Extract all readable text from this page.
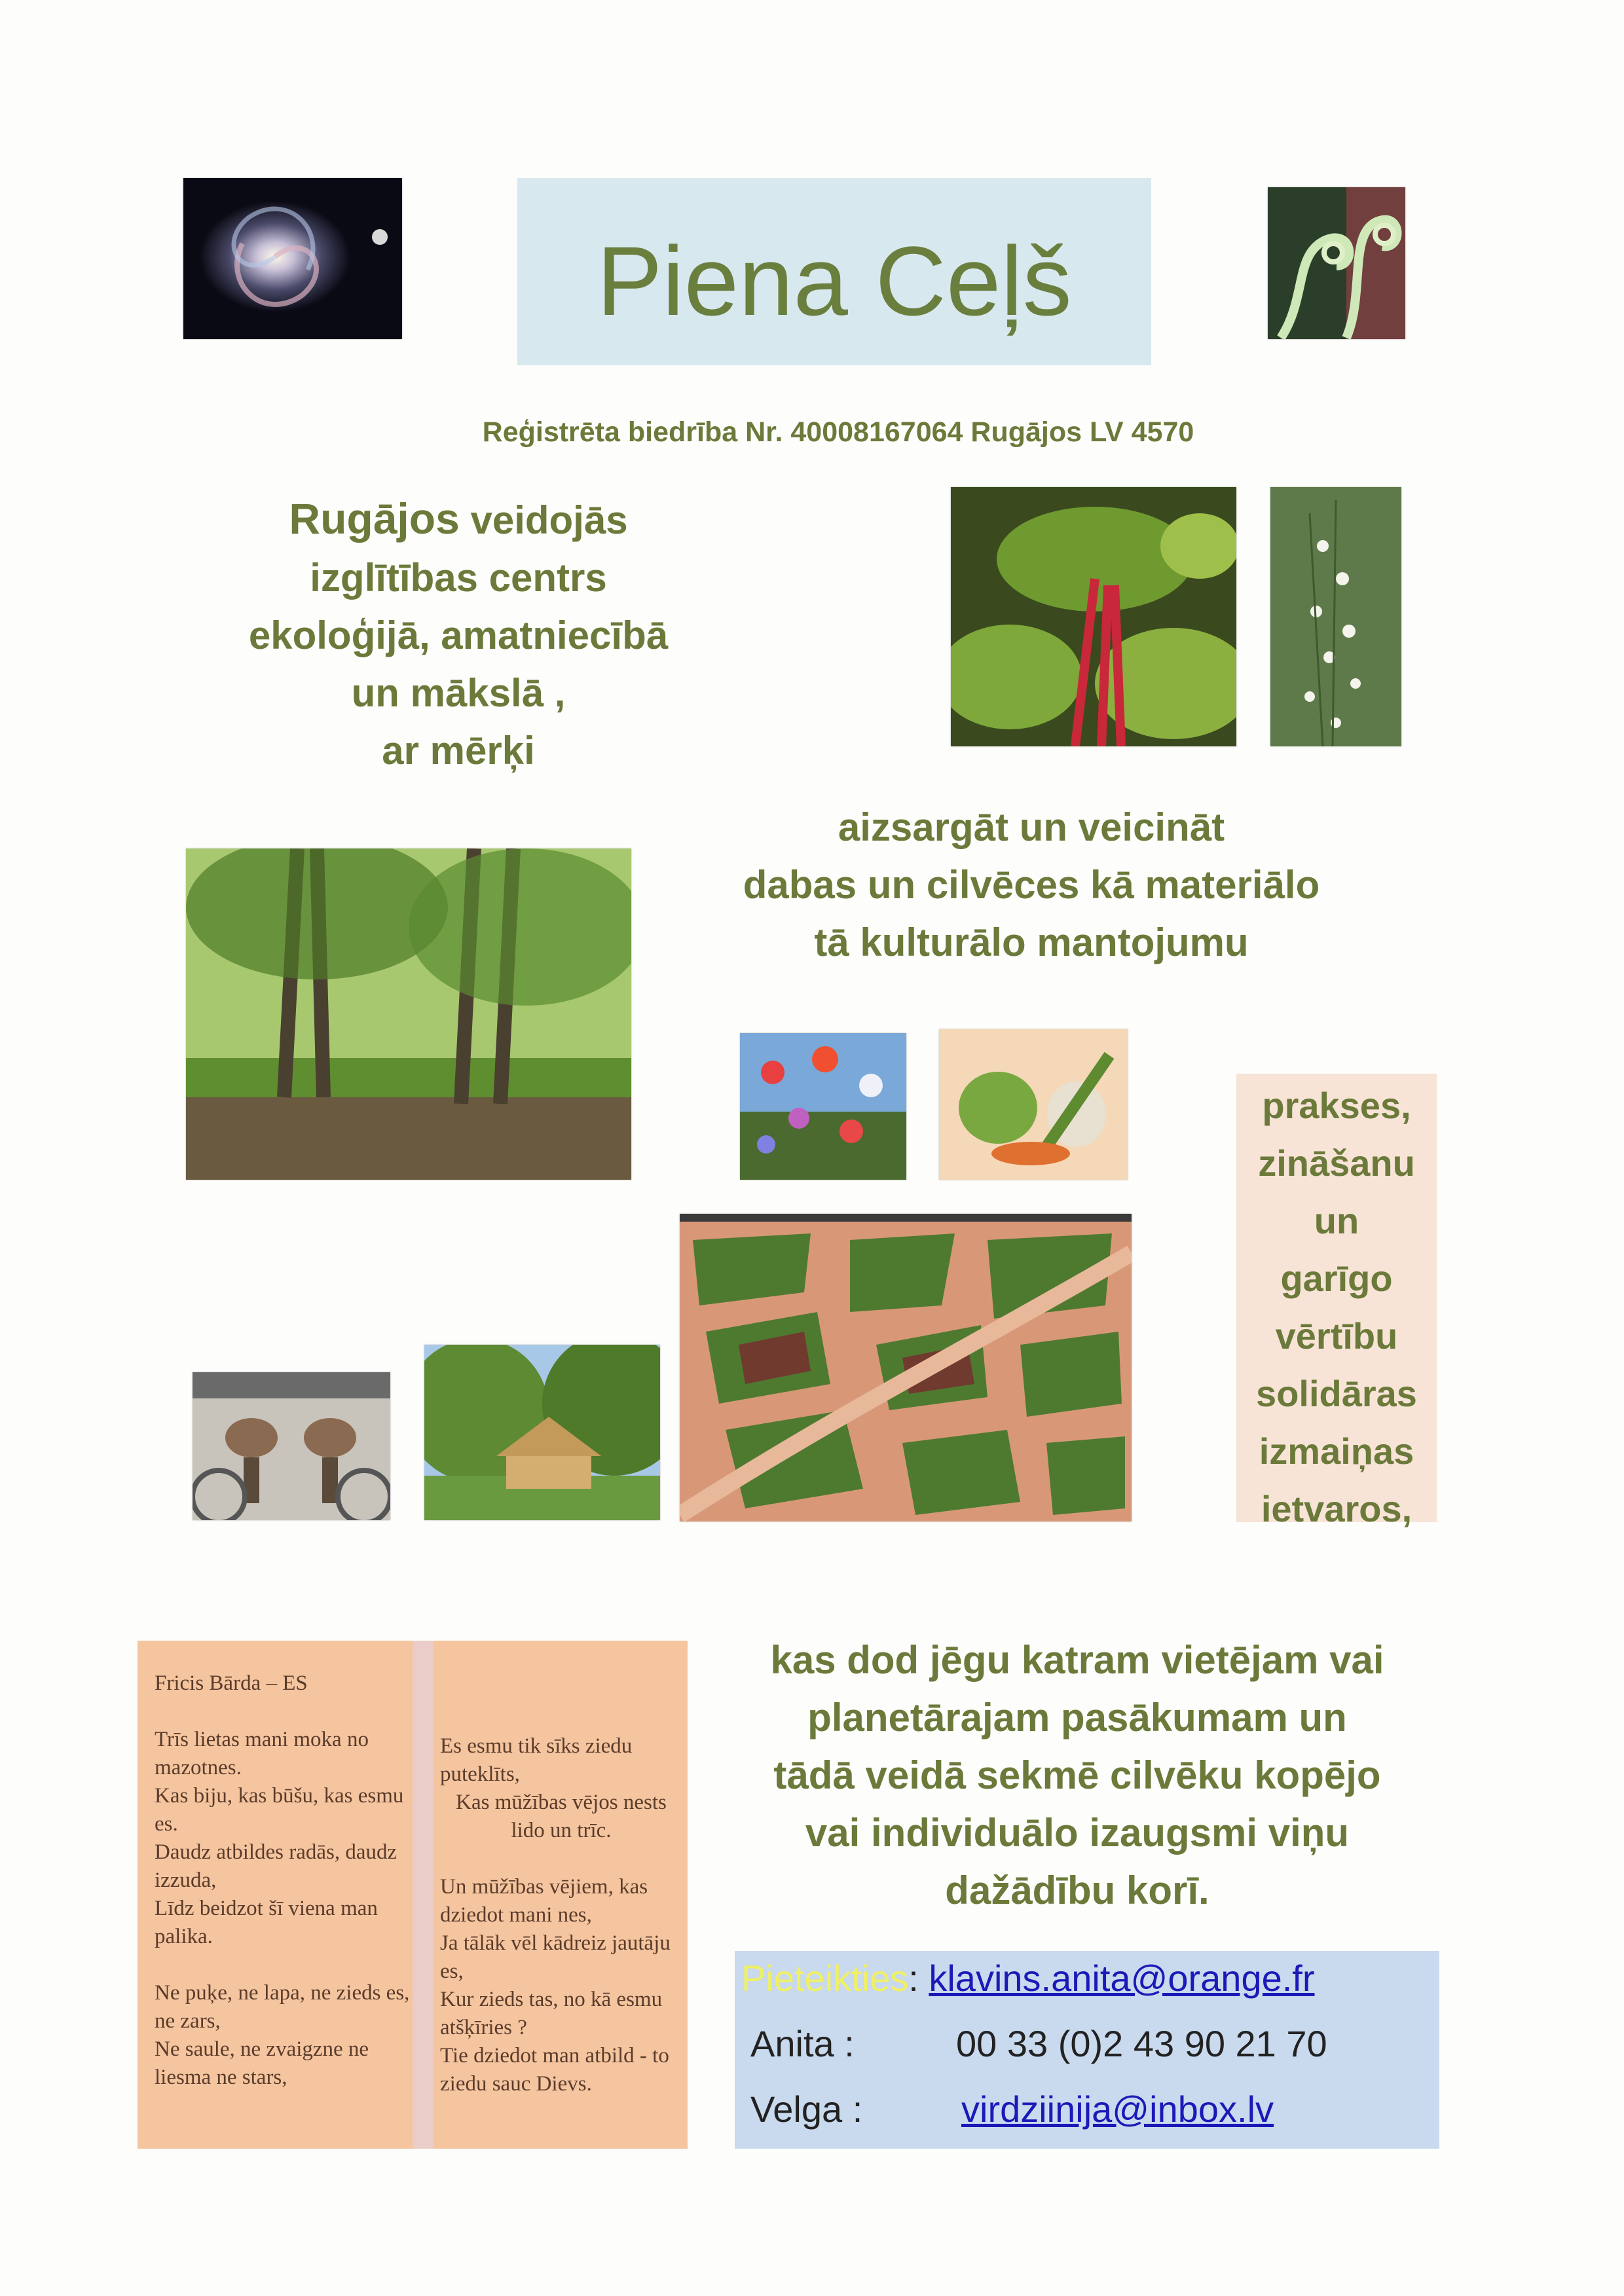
Piena Ceļš
Reģistrēta biedrība Nr. 40008167064 Rugājos LV 4570
Rugājos veidojās
izglītības centrs
ekoloģijā, amatniecībā
un mākslā ,
ar mērķi
aizsargāt un veicināt
dabas un cilvēces kā materiālo
tā kulturālo mantojumu
prakses,
zināšanu
un
garīgo
vērtību
solidāras
izmaiņas
ietvaros,
Fricis Bārda – ES
Trīs lietas mani moka no mazotnes.
Kas biju, kas būšu, kas esmu es.
Daudz atbildes radās, daudz izzuda,
Līdz beidzot šī viena man palika.
Ne puķe, ne lapa, ne zieds es, ne zars,
Ne saule, ne zvaigzne ne liesma ne stars,
Es esmu tik sīks ziedu puteklīts,
Kas mūžības vējos nests lido un trīc.
Un mūžības vējiem, kas dziedot mani nes,
Ja tālāk vēl kādreiz jautāju es,
Kur zieds tas, no kā esmu atšķīries ?
Tie dziedot man atbild - to ziedu sauc Dievs.
kas dod jēgu katram vietējam vai
planetārajam pasākumam un
tādā veidā sekmē cilvēku kopējo
vai individuālo izaugsmi viņu
dažādību korī.
Pieteikties: klavins.anita@orange.fr
Anita :	00 33 (0)2 43 90 21 70
Velga :	virdziinija@inbox.lv
